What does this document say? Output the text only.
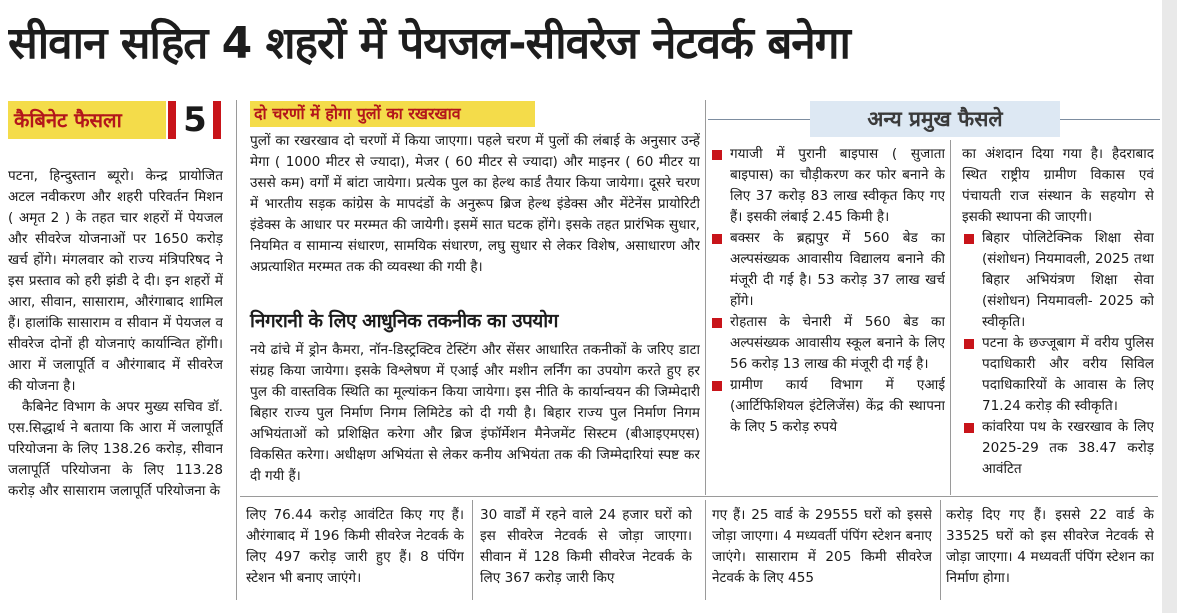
सीवान सहित 4 शहरों में पेयजल-सीवरेज नेटवर्क बनेगा
कैबिनेट फैसला	5

पटना, हिन्दुस्तान ब्यूरो। केन्द्र प्रायोजित अटल नवीकरण और शहरी परिवर्तन मिशन ( अमृत 2 ) के तहत चार शहरों में पेयजल और सीवरेज योजनाओं पर 1650 करोड़ खर्च होंगे। मंगलवार को राज्य मंत्रिपरिषद ने इस प्रस्ताव को हरी झंडी दे दी। इन शहरों में आरा, सीवान, सासाराम, औरंगाबाद शामिल हैं। हालांकि सासाराम व सीवान में पेयजल व सीवरेज दोनों ही योजनाएं कार्यान्वित होंगी। आरा में जलापूर्ति व औरंगाबाद में सीवरेज की योजना है।

कैबिनेट विभाग के अपर मुख्य सचिव डॉ. एस.सिद्धार्थ ने बताया कि आरा में जलापूर्ति परियोजना के लिए 138.26 करोड़, सीवान जलापूर्ति परियोजना के लिए 113.28 करोड़ और सासाराम जलापूर्ति परियोजना के

दो चरणों में होगा पुलों का रखरखाव
पुलों का रखरखाव दो चरणों में किया जाएगा। पहले चरण में पुलों की लंबाई के अनुसार उन्हें मेगा ( 1000 मीटर से ज्यादा), मेजर ( 60 मीटर से ज्यादा) और माइनर ( 60 मीटर या उससे कम) वर्गों में बांटा जायेगा। प्रत्येक पुल का हेल्थ कार्ड तैयार किया जायेगा। दूसरे चरण में भारतीय सड़क कांग्रेस के मापदंडों के अनुरूप ब्रिज हेल्थ इंडेक्स और मेंटेनेंस प्रायोरिटी इंडेक्स के आधार पर मरम्मत की जायेगी। इसमें सात घटक होंगे। इसके तहत प्रारंभिक सुधार, नियमित व सामान्य संधारण, सामयिक संधारण, लघु सुधार से लेकर विशेष, असाधारण और अप्रत्याशित मरम्मत तक की व्यवस्था की गयी है।
निगरानी के लिए आधुनिक तकनीक का उपयोग
नये ढांचे में ड्रोन कैमरा, नॉन-डिस्ट्रक्टिव टेस्टिंग और सेंसर आधारित तकनीकों के जरिए डाटा संग्रह किया जायेगा। इसके विश्लेषण में एआई और मशीन लर्निंग का उपयोग करते हुए हर पुल की वास्तविक स्थिति का मूल्यांकन किया जायेगा। इस नीति के कार्यान्वयन की जिम्मेदारी बिहार राज्य पुल निर्माण निगम लिमिटेड को दी गयी है। बिहार राज्य पुल निर्माण निगम अभियंताओं को प्रशिक्षित करेगा और ब्रिज इंफॉर्मेशन मैनेजमेंट सिस्टम (बीआइएमएस) विकसित करेगा। अधीक्षण अभियंता से लेकर कनीय अभियंता तक की जिम्मेदारियां स्पष्ट कर दी गयी हैं।
अन्य प्रमुख फैसले
गयाजी में पुरानी बाइपास ( सुजाता बाइपास) का चौड़ीकरण कर फोर बनाने के लिए 37 करोड़ 83 लाख स्वीकृत किए गए हैं। इसकी लंबाई 2.45 किमी है।
बक्सर के ब्रह्मपुर में 560 बेड का अल्पसंख्यक आवासीय विद्यालय बनाने की मंजूरी दी गई है। 53 करोड़ 37 लाख खर्च होंगे।
रोहतास के चेनारी में 560 बेड का अल्पसंख्यक आवासीय स्कूल बनाने के लिए 56 करोड़ 13 लाख की मंजूरी दी गई है।
ग्रामीण कार्य विभाग में एआई (आर्टिफिशियल इंटेलिजेंस) केंद्र की स्थापना के लिए 5 करोड़ रुपये

का अंशदान दिया गया है। हैदराबाद स्थित राष्ट्रीय ग्रामीण विकास एवं पंचायती राज संस्थान के सहयोग से इसकी स्थापना की जाएगी।

बिहार पोलिटेक्निक शिक्षा सेवा (संशोधन) नियमावली, 2025 तथा बिहार अभियंत्रण शिक्षा सेवा (संशोधन) नियमावली- 2025 को स्वीकृति।
पटना के छज्जूबाग में वरीय पुलिस पदाधिकारी और वरीय सिविल पदाधिकारियों के आवास के लिए 71.24 करोड़ की स्वीकृति।
कांवरिया पथ के रखरखाव के लिए 2025-29 तक 38.47 करोड़ आवंटित
लिए 76.44 करोड़ आवंटित किए गए हैं। औरंगाबाद में 196 किमी सीवरेज नेटवर्क के लिए 497 करोड़ जारी हुए हैं। 8 पंपिंग स्टेशन भी बनाए जाएंगे।
30 वार्डों में रहने वाले 24 हजार घरों को इस सीवरेज नेटवर्क से जोड़ा जाएगा। सीवान में 128 किमी सीवरेज नेटवर्क के लिए 367 करोड़ जारी किए
गए हैं। 25 वार्ड के 29555 घरों को इससे जोड़ा जाएगा। 4 मध्यवर्ती पंपिंग स्टेशन बनाए जाएंगे। सासाराम में 205 किमी सीवरेज नेटवर्क के लिए 455
करोड़ दिए गए हैं। इससे 22 वार्ड के 33525 घरों को इस सीवरेज नेटवर्क से जोड़ा जाएगा। 4 मध्यवर्ती पंपिंग स्टेशन का निर्माण होगा।
